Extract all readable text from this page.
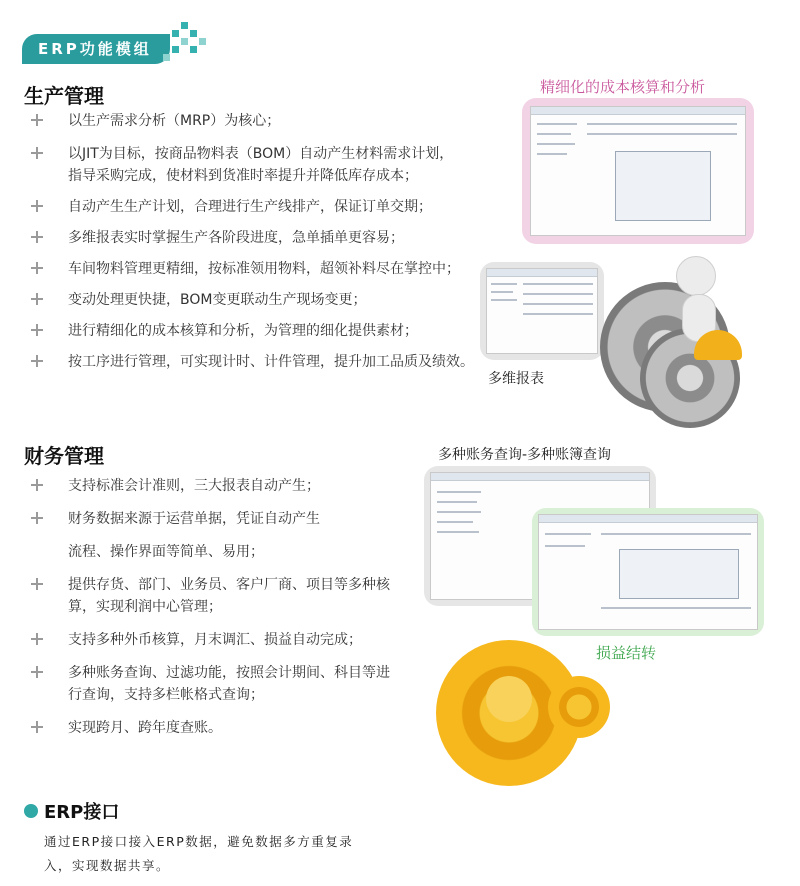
ERP功能模组
生产管理
以生产需求分析（MRP）为核心；
以JIT为目标，按商品物料表（BOM）自动产生材料需求计划，
指导采购完成，使材料到货准时率提升并降低库存成本；
自动产生生产计划，合理进行生产线排产，保证订单交期；
多维报表实时掌握生产各阶段进度，急单插单更容易；
车间物料管理更精细，按标准领用物料，超领补料尽在掌控中；
变动处理更快捷，BOM变更联动生产现场变更；
进行精细化的成本核算和分析，为管理的细化提供素材；
按工序进行管理，可实现计时、计件管理，提升加工品质及绩效。
精细化的成本核算和分析
多维报表
财务管理
支持标准会计准则，三大报表自动产生；
财务数据来源于运营单据，凭证自动产生
流程、操作界面等简单、易用；
提供存货、部门、业务员、客户厂商、项目等多种核
算，实现利润中心管理；
支持多种外币核算，月末调汇、损益自动完成；
多种账务查询、过滤功能，按照会计期间、科目等进
行查询，支持多栏帐格式查询；
实现跨月、跨年度查账。
多种账务查询-多种账簿查询
损益结转
ERP接口
通过ERP接口接入ERP数据，避免数据多方重复录
入，实现数据共享。
